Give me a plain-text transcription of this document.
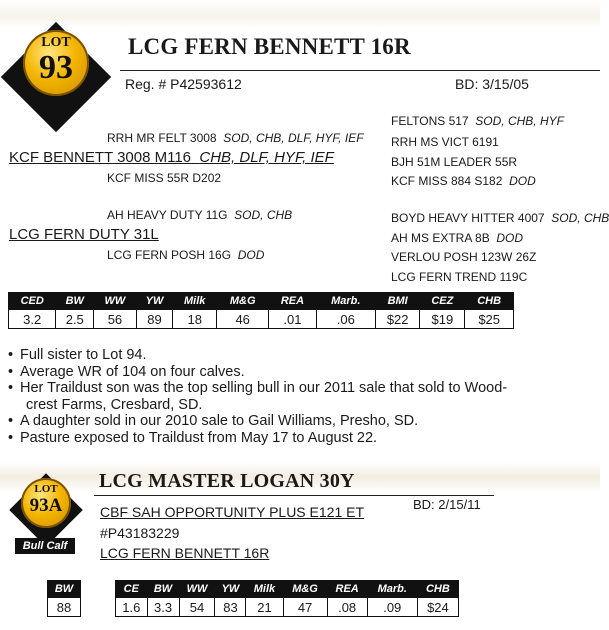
LOT
93
LCG FERN BENNETT 16R
Reg. # P42593612	BD: 3/15/05
RRH MR FELT 3008 SOD, CHB, DLF, HYF, IEF
KCF BENNETT 3008 M116 CHB, DLF, HYF, IEF
KCF MISS 55R D202
AH HEAVY DUTY 11G SOD, CHB
LCG FERN DUTY 31L
LCG FERN POSH 16G DOD
FELTONS 517 SOD, CHB, HYF
RRH MS VICT 6191
BJH 51M LEADER 55R
KCF MISS 884 S182 DOD
BOYD HEAVY HITTER 4007 SOD, CHB
AH MS EXTRA 8B DOD
VERLOU POSH 123W 26Z
LCG FERN TREND 119C
CED	BW	WW	YW	Milk	M&G	REA	Marb.	BMI	CEZ	CHB
3.2	2.5	56	89	18	46	.01	.06	$22	$19	$25
• Full sister to Lot 94.
• Average WR of 104 on four calves.
• Her Traildust son was the top selling bull in our 2011 sale that sold to Wood-
crest Farms, Cresbard, SD.
• A daughter sold in our 2010 sale to Gail Williams, Presho, SD.
• Pasture exposed to Traildust from May 17 to August 22.
LOT
93A
Bull Calf
LCG MASTER LOGAN 30Y
BD: 2/15/11
CBF SAH OPPORTUNITY PLUS E121 ET
#P43183229
LCG FERN BENNETT 16R
BW
88
CE	BW	WW	YW	Milk	M&G	REA	Marb.	CHB
1.6	3.3	54	83	21	47	.08	.09	$24
